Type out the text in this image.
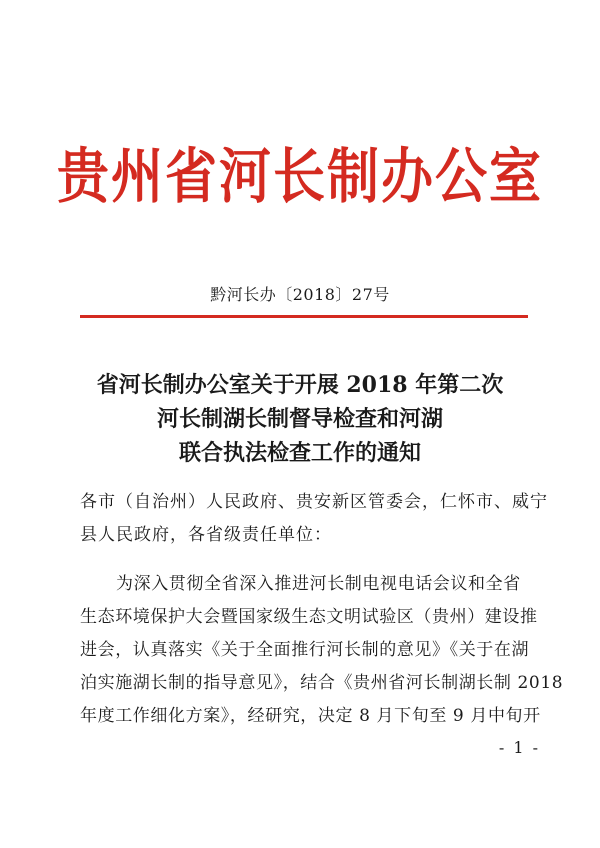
贵州省河长制办公室
黔河长办〔2018〕27号
省河长制办公室关于开展 2018 年第二次
河长制湖长制督导检查和河湖
联合执法检查工作的通知
各市（自治州）人民政府、贵安新区管委会，仁怀市、威宁
县人民政府，各省级责任单位：
为深入贯彻全省深入推进河长制电视电话会议和全省
生态环境保护大会暨国家级生态文明试验区（贵州）建设推
进会，认真落实《关于全面推行河长制的意见》《关于在湖
泊实施湖长制的指导意见》，结合《贵州省河长制湖长制 2018
年度工作细化方案》，经研究，决定 8 月下旬至 9 月中旬开
- 1 -
